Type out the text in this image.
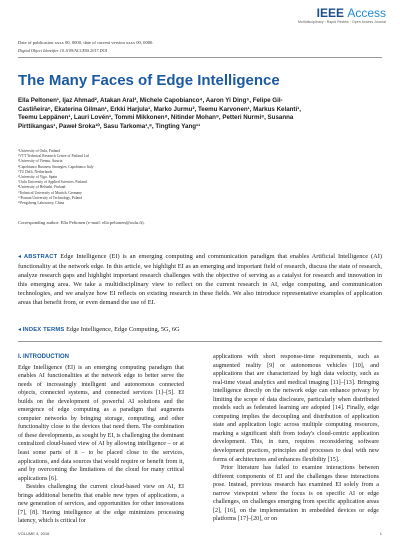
IEEE Access
Multidisciplinary : Rapid Review : Open Access Journal
Date of publication xxxx 00, 0000, date of current version xxxx 00, 0000.
Digital Object Identifier 10.1109/ACCESS.2017.DOI
The Many Faces of Edge Intelligence
Ella Peltonen¹, Ijaz Ahmad², Atakan Aral³, Michele Capobianco⁴, Aaron Yi Ding⁵, Felipe Gil-Castiñeira⁶, Ekaterina Gilman¹, Erkki Harjula¹, Marko Jurmu², Teemu Karvonen¹, Markus Kelanti¹, Teemu Leppänen¹, Lauri Lovén¹, Tommi Mikkonen⁸, Nitinder Mohan⁹, Petteri Nurmi⁸, Susanna Pirttikangas¹, Paweł Sroka¹⁰, Sasu Tarkoma¹,⁸, Tingting Yang¹¹
¹University of Oulu, Finland
²VTT Technical Research Centre of Finland Ltd
³University of Vienna, Austria
⁴Capobianco Business Strategies, Capobianco Italy
⁵TU Delft, Netherlands
⁶University of Vigo, Spain
⁷Oulu University of Applied Sciences, Finland
⁸University of Helsinki, Finland
⁹Technical University of Munich, Germany
¹⁰Poznan University of Technology, Poland
¹¹Pengcheng Laboratory, China
Corresponding author: Ella Peltonen (e-mail: ella.peltonen@oulu.fi).
◂ ABSTRACT Edge Intelligence (EI) is an emerging computing and communication paradigm that enables Artificial Intelligence (AI) functionality at the network edge. In this article, we highlight EI as an emerging and important field of research, discuss the state of research, analyze research gaps and highlight important research challenges with the objective of serving as a catalyst for research and innovation in this emerging area. We take a multidisciplinary view to reflect on the current research in AI, edge computing, and communication technologies, and we analyze how EI reflects on existing research in these fields. We also introduce representative examples of application areas that benefit from, or even demand the use of EI.
◂ INDEX TERMS Edge Intelligence, Edge Computing, 5G, 6G
I. INTRODUCTION

Edge Intelligence (EI) is an emerging computing paradigm that enables AI functionalities at the network edge to better serve the needs of increasingly intelligent and autonomous connected objects, connected systems, and connected services [1]–[5]. EI builds on the development of powerful AI solutions and the emergence of edge computing as a paradigm that augments computer networks by bringing storage, computing, and other functionality close to the devices that need them. The combination of these developments, as sought by EI, is challenging the dominant centralized cloud-based view of AI by allowing intelligence – or at least some parts of it – to be placed close to the services, applications, and data sources that would require or benefit from it, and by overcoming the limitations of the cloud for many critical applications [6].

Besides challenging the current cloud-based view on AI, EI brings additional benefits that enable new types of applications, a new generation of services, and opportunities for other innovations [7], [8]. Having intelligence at the edge minimizes processing latency, which is critical for

applications with short response-time requirements, such as augmented reality [9] or autonomous vehicles [10], and applications that are characterized by high data velocity, such as real-time visual analytics and medical imaging [11]–[13]. Bringing intelligence directly on the network edge can enhance privacy by limiting the scope of data disclosure, particularly when distributed models such as federated learning are adopted [14]. Finally, edge computing implies the decoupling and distribution of application state and application logic across multiple computing resources, marking a significant shift from today's cloud-centric application development. This, in turn, requires reconsidering software development practices, principles and processes to deal with new forms of architectures and enhances flexibility [15].

Prior literature has failed to examine interactions between different components of EI and the challenges these interactions pose. Instead, previous research has examined EI solely from a narrow viewpoint where the focus is on specific AI or edge challenges, on challenges emerging from specific application areas [2], [16], on the implementation in embedded devices or edge platforms [17]–[20], or on

VOLUME 4, 2016	1
